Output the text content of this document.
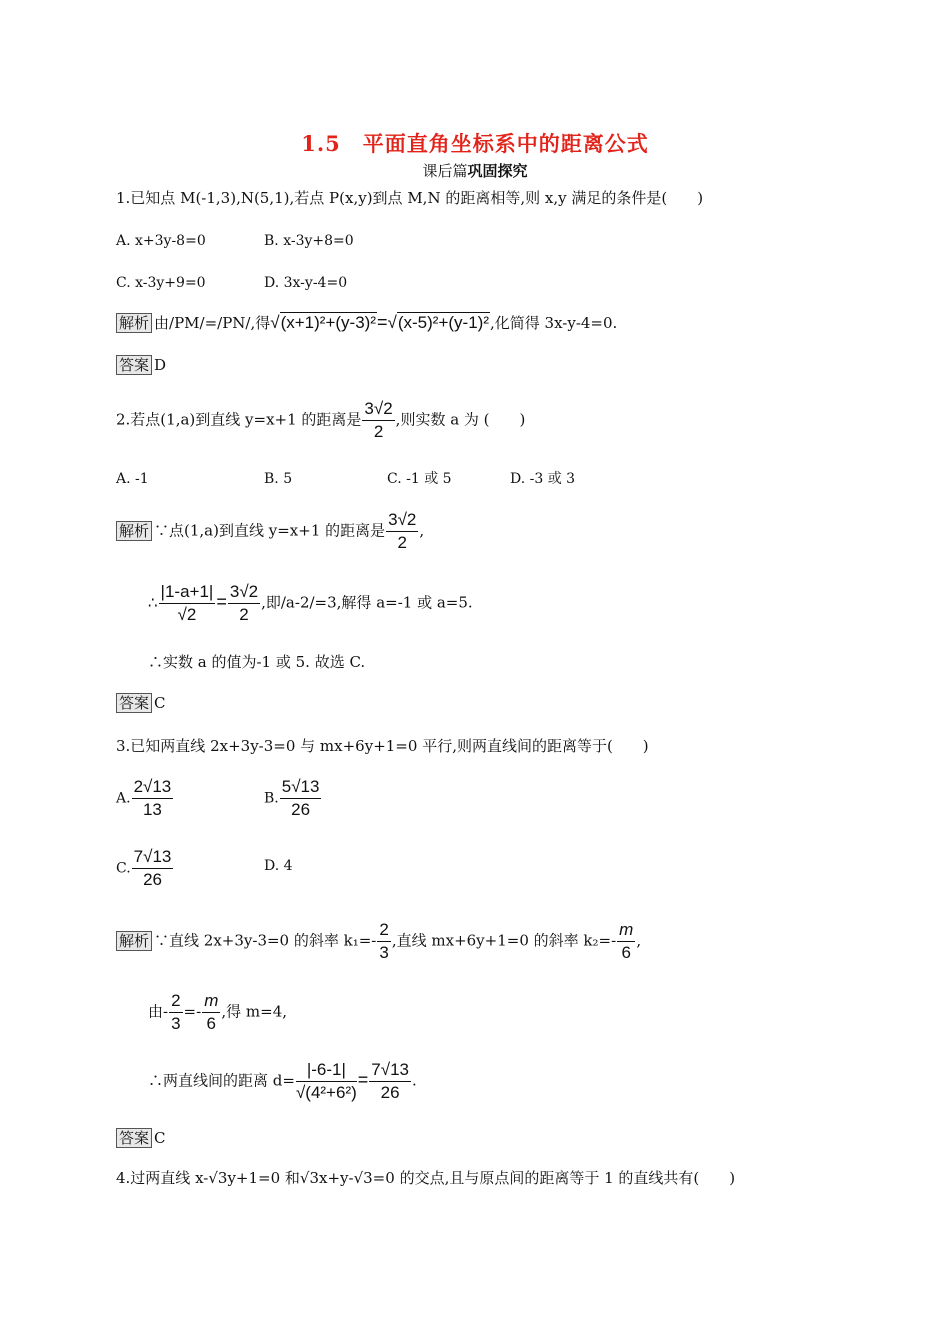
1.5　平面直角坐标系中的距离公式
课后篇巩固探究
1.已知点 M(-1,3),N(5,1),若点 P(x,y)到点 M,N 的距离相等,则 x,y 满足的条件是(　　)
A. x+3y-8=0	B. x-3y+8=0
C. x-3y+9=0	D. 3x-y-4=0
解析 由/PM/=/PN/,得√(x+1)²+(y-3)²=√(x-5)²+(y-1)²,化简得 3x-y-4=0.
答案 D
2.若点(1,a)到直线 y=x+1 的距离是 $\frac{3√2}{2}$ ,则实数 a 为 (　　)
A. -1	B. 5	C. -1 或 5	D. -3 或 3
解析 ∵点(1,a)到直线 y=x+1 的距离是 $\frac{3√2}{2}$ ,
∴ $\frac{|1-a+1|}{√2} = \frac{3√2}{2}$ ,即/a-2/=3,解得 a=-1 或 a=5.
∴实数 a 的值为-1 或 5. 故选 C.
答案 C
3.已知两直线 2x+3y-3=0 与 mx+6y+1=0 平行,则两直线间的距离等于(　　)
A. $\frac{2√13}{13}$	B. $\frac{5√13}{26}$
C. $\frac{7√13}{26}$	D. 4
解析 ∵直线 2x+3y-3=0 的斜率 $k_1=- \frac{2}{3}$ ,直线 mx+6y+1=0 的斜率 $k_2=- \frac{m}{6}$ ,
由- $\frac{2}{3} =- \frac{m}{6}$ ,得 m=4,
∴两直线间的距离 $d= \frac{|-6-1|}{\text{√(4²+6²)}} = \frac{7√13}{26}$ .
答案 C
4.过两直线 x-√3y+1=0 和√3x+y-√3=0 的交点,且与原点间的距离等于 1 的直线共有(　　)
